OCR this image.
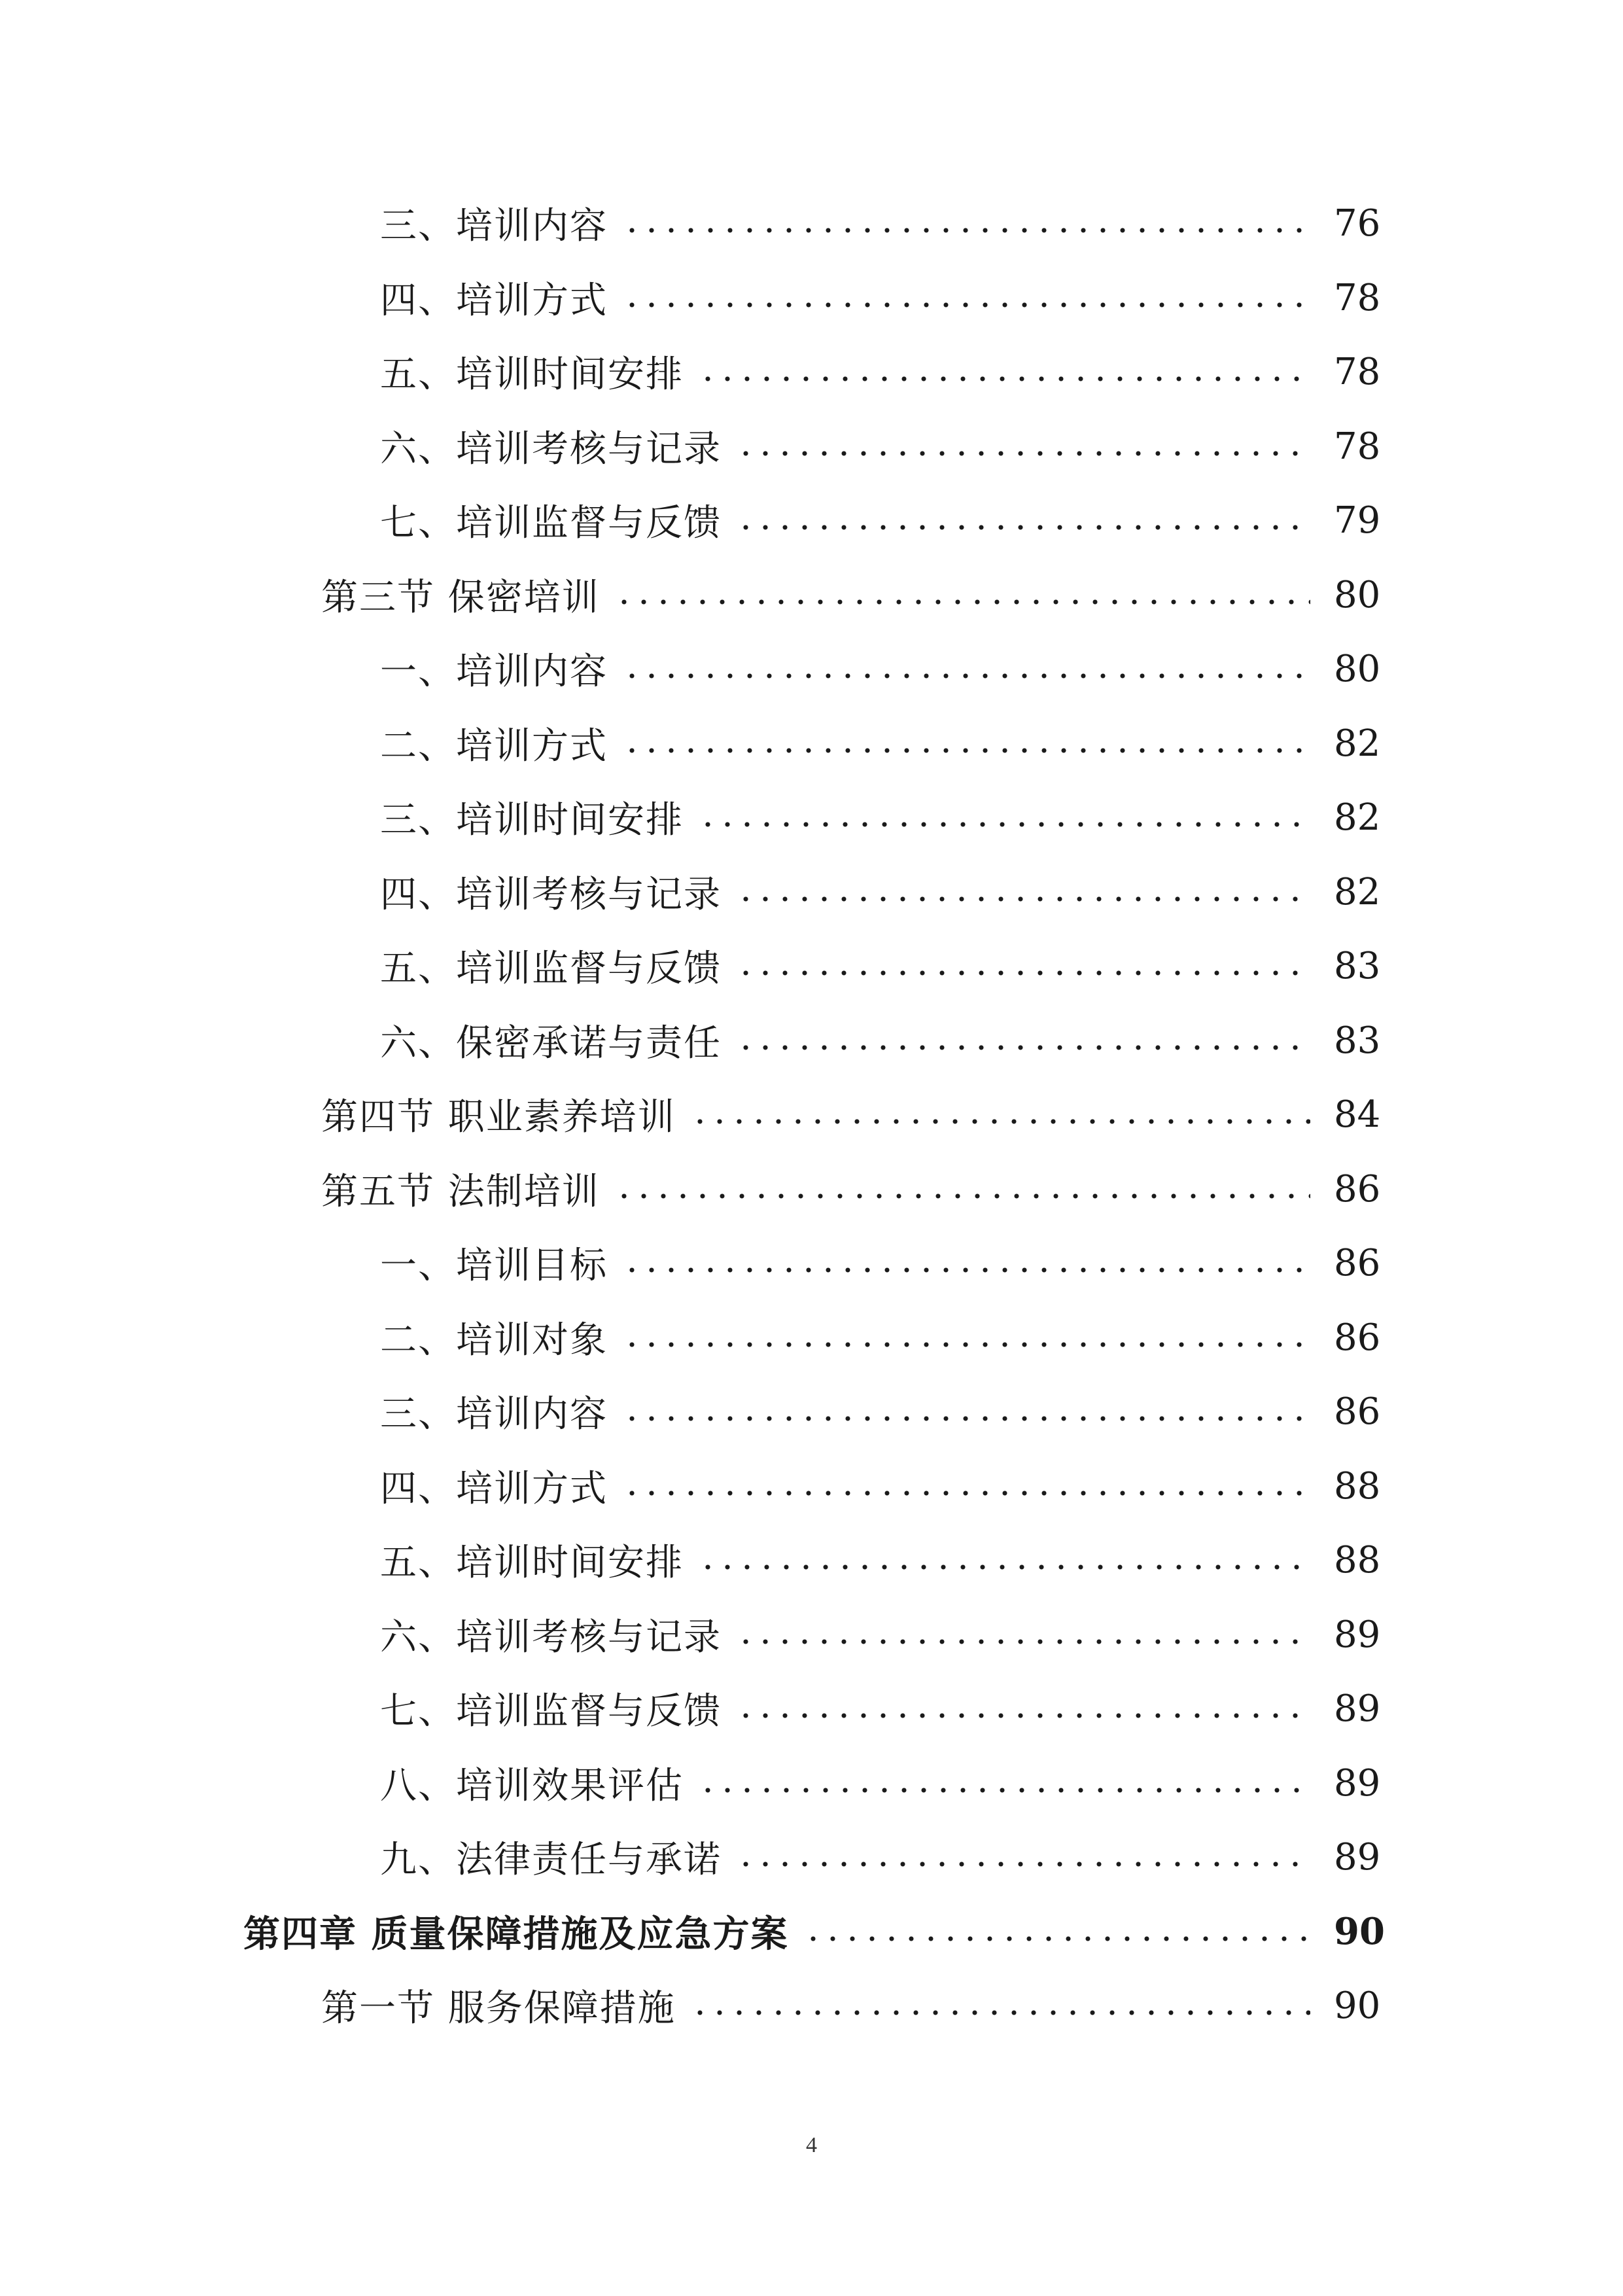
三、培训内容	76
四、培训方式	78
五、培训时间安排	78
六、培训考核与记录	78
七、培训监督与反馈	79
第三节 保密培训	80
一、培训内容	80
二、培训方式	82
三、培训时间安排	82
四、培训考核与记录	82
五、培训监督与反馈	83
六、保密承诺与责任	83
第四节 职业素养培训	84
第五节 法制培训	86
一、培训目标	86
二、培训对象	86
三、培训内容	86
四、培训方式	88
五、培训时间安排	88
六、培训考核与记录	89
七、培训监督与反馈	89
八、培训效果评估	89
九、法律责任与承诺	89
第四章 质量保障措施及应急方案	90
第一节 服务保障措施	90
4
